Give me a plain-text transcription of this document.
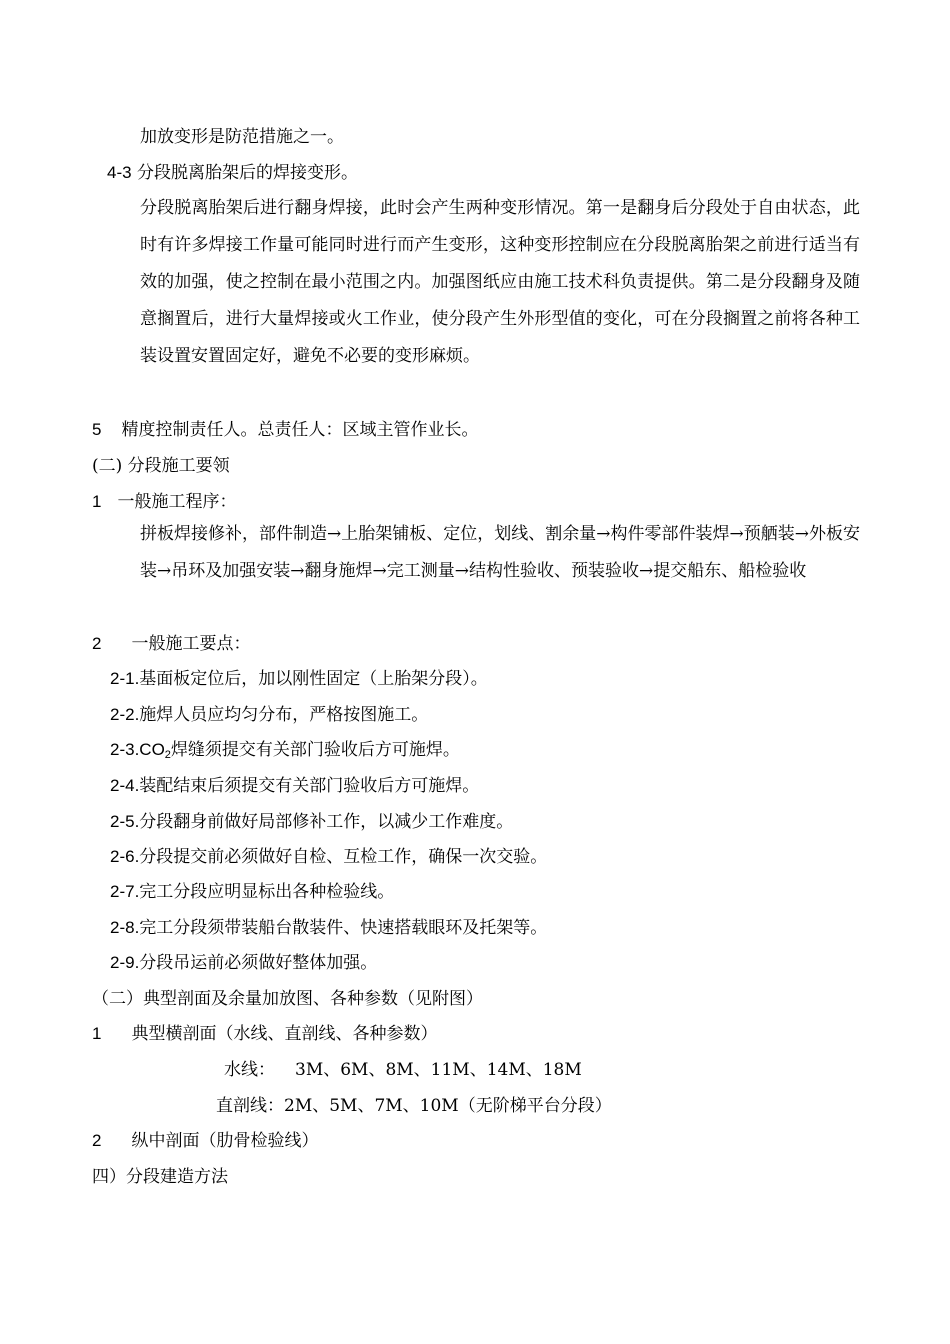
加放变形是防范措施之一。
4-3 分段脱离胎架后的焊接变形。
分段脱离胎架后进行翻身焊接，此时会产生两种变形情况。第一是翻身后分段处于自由状态，此时有许多焊接工作量可能同时进行而产生变形，这种变形控制应在分段脱离胎架之前进行适当有效的加强，使之控制在最小范围之内。加强图纸应由施工技术科负责提供。第二是分段翻身及随意搁置后，进行大量焊接或火工作业，使分段产生外形型值的变化，可在分段搁置之前将各种工装设置安置固定好，避免不必要的变形麻烦。
5 精度控制责任人。总责任人：区域主管作业长。
(二) 分段施工要领
1 一般施工程序：
拼板焊接修补，部件制造→上胎架铺板、定位，划线、割余量→构件零部件装焊→预舾装→外板安装→吊环及加强安装→翻身施焊→完工测量→结构性验收、预装验收→提交船东、船检验收
2 一般施工要点：
2-1.基面板定位后，加以刚性固定（上胎架分段）。
2-2.施焊人员应均匀分布，严格按图施工。
$2-3.CO_2$焊缝须提交有关部门验收后方可施焊。
2-4.装配结束后须提交有关部门验收后方可施焊。
2-5.分段翻身前做好局部修补工作，以减少工作难度。
2-6.分段提交前必须做好自检、互检工作，确保一次交验。
2-7.完工分段应明显标出各种检验线。
2-8.完工分段须带装船台散装件、快速搭载眼环及托架等。
2-9.分段吊运前必须做好整体加强。
（二）典型剖面及余量加放图、各种参数（见附图）
1 典型横剖面（水线、直剖线、各种参数）
水线： 3M、6M、8M、11M、14M、18M
直剖线：2M、5M、7M、10M（无阶梯平台分段）
2 纵中剖面（肋骨检验线）
四）分段建造方法
